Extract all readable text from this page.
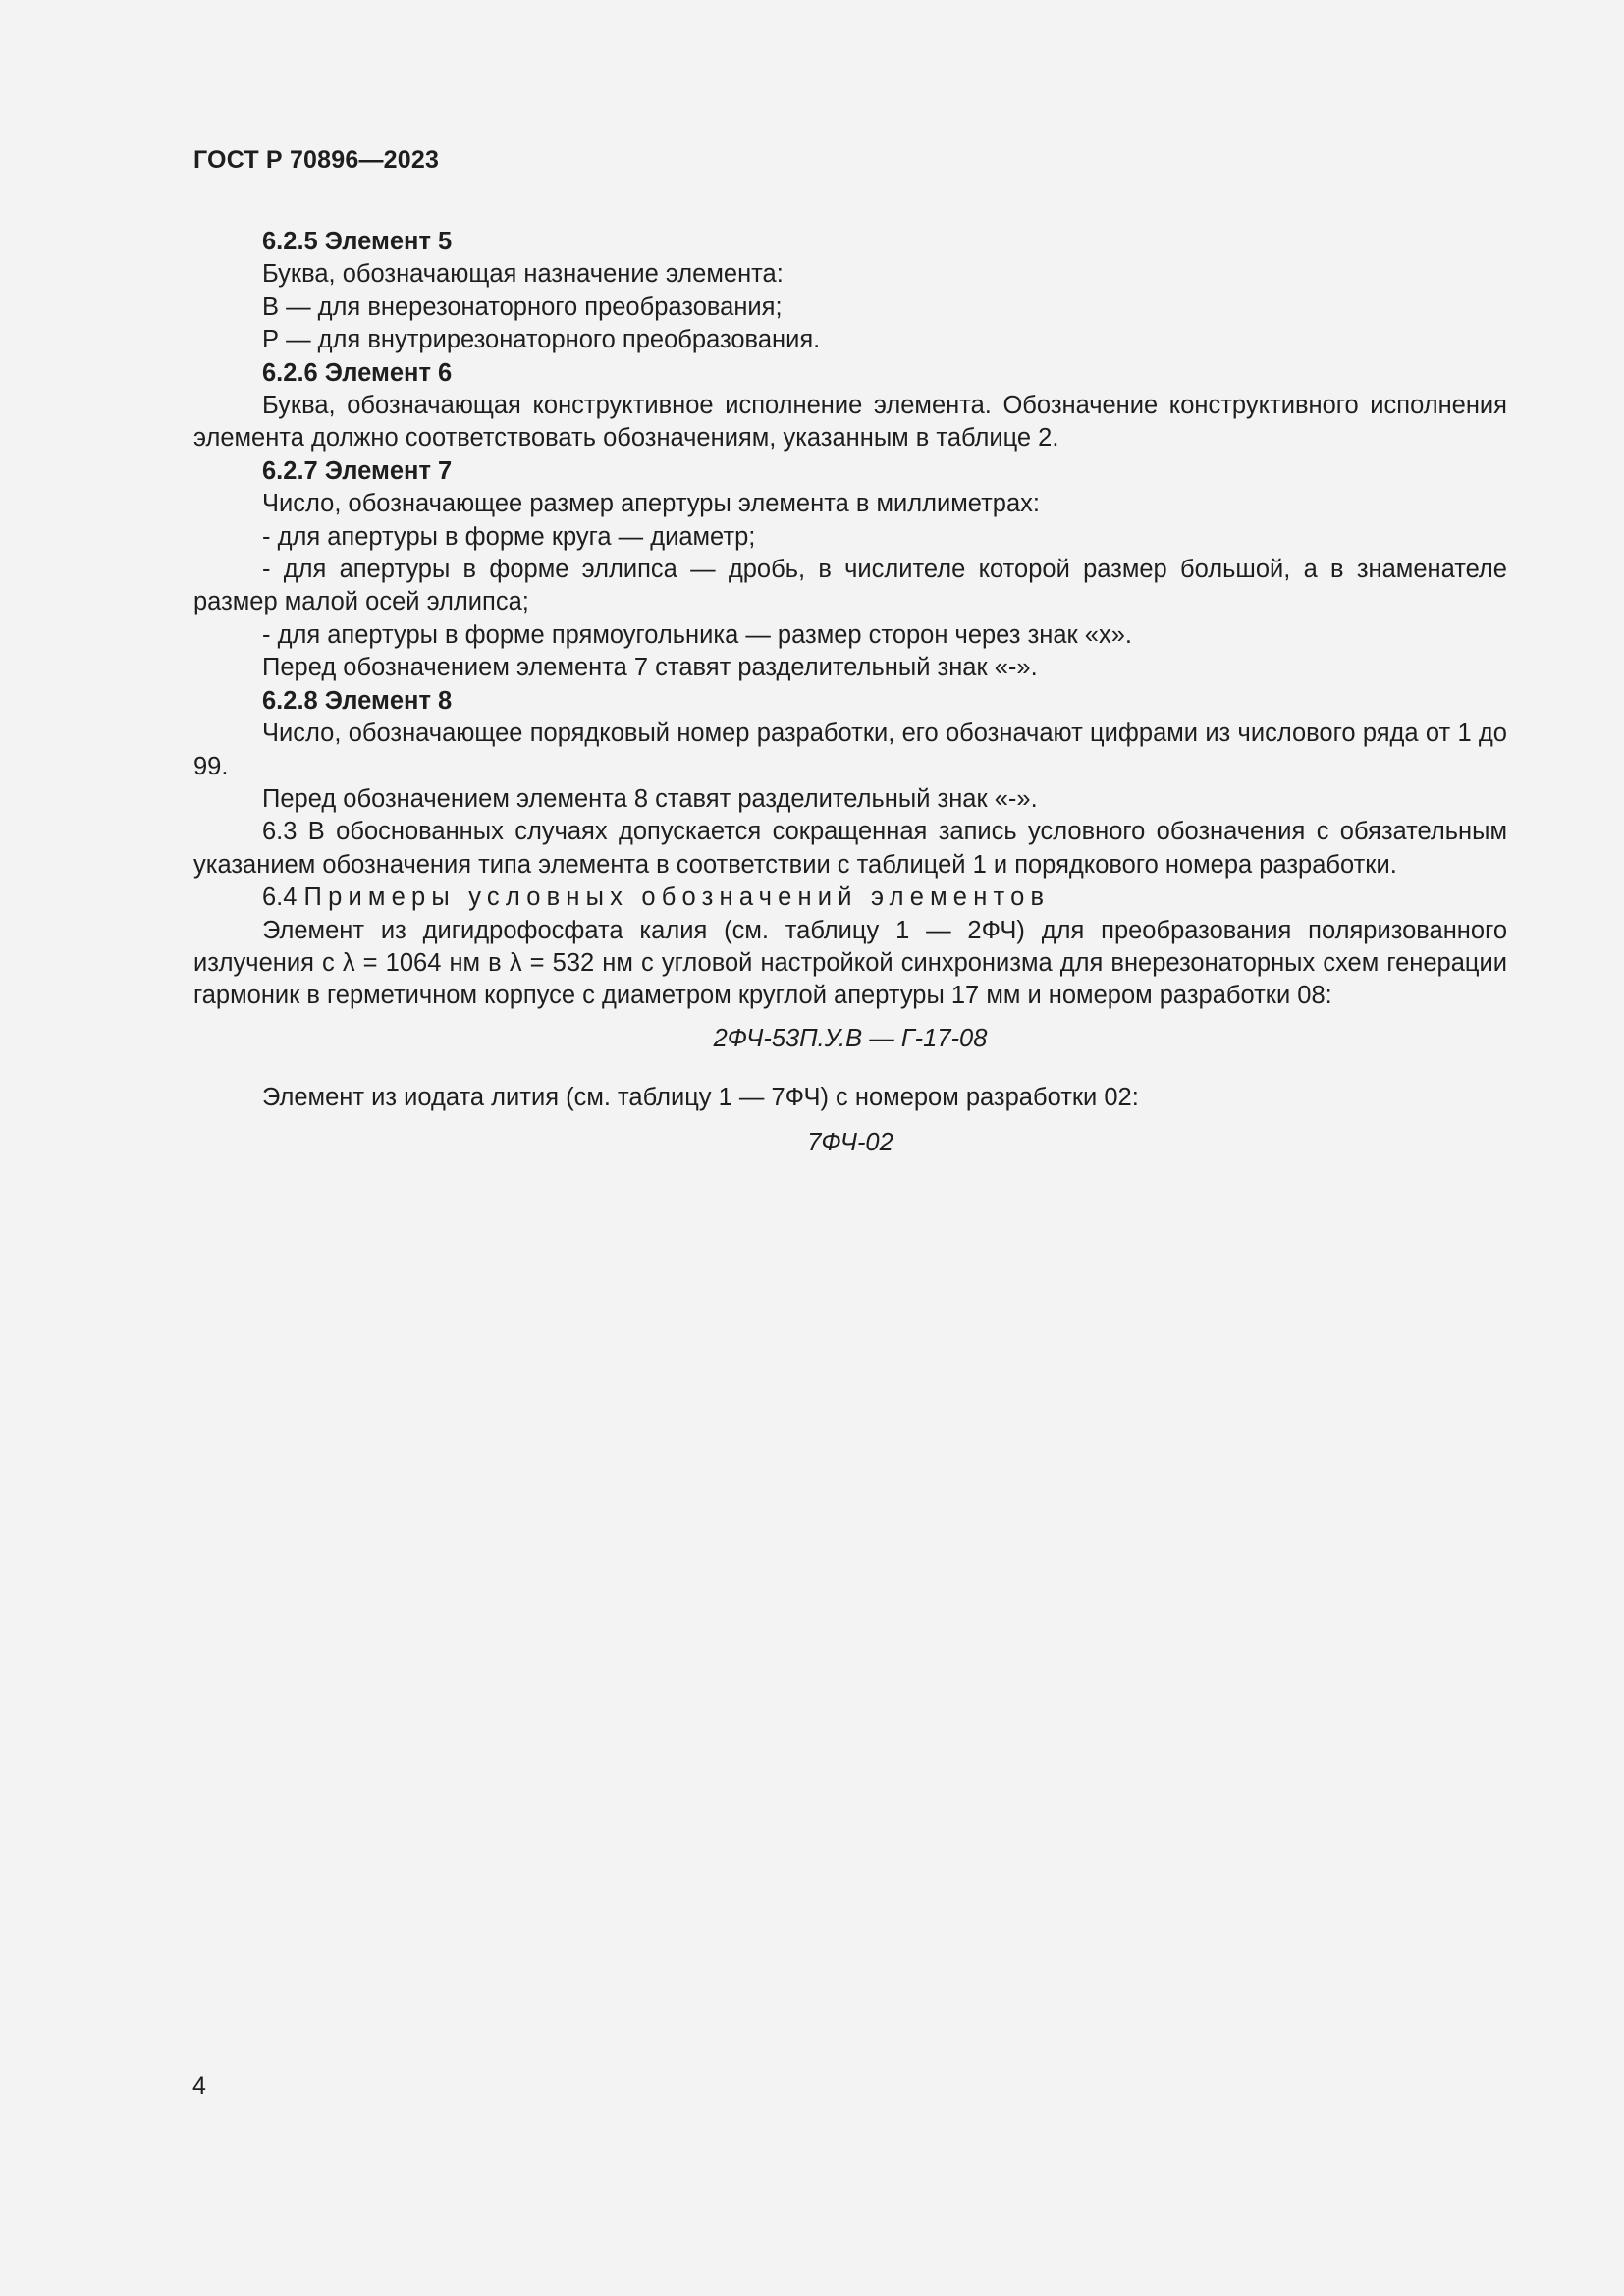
ГОСТ Р 70896—2023

6.2.5 Элемент 5

Буква, обозначающая назначение элемента:

В — для внерезонаторного преобразования;

Р — для внутрирезонаторного преобразования.

6.2.6 Элемент 6

Буква, обозначающая конструктивное исполнение элемента. Обозначение конструктивного исполнения элемента должно соответствовать обозначениям, указанным в таблице 2.

6.2.7 Элемент 7

Число, обозначающее размер апертуры элемента в миллиметрах:

- для апертуры в форме круга — диаметр;

- для апертуры в форме эллипса — дробь, в числителе которой размер большой, а в знаменателе размер малой осей эллипса;

- для апертуры в форме прямоугольника — размер сторон через знак «х».

Перед обозначением элемента 7 ставят разделительный знак «-».

6.2.8 Элемент 8

Число, обозначающее порядковый номер разработки, его обозначают цифрами из числового ряда от 1 до 99.

Перед обозначением элемента 8 ставят разделительный знак «-».

6.3 В обоснованных случаях допускается сокращенная запись условного обозначения с обязательным указанием обозначения типа элемента в соответствии с таблицей 1 и порядкового номера разработки.

6.4 Примеры условных обозначений элементов

Элемент из дигидрофосфата калия (см. таблицу 1 — 2ФЧ) для преобразования поляризованного излучения с λ = 1064 нм в λ = 532 нм с угловой настройкой синхронизма для внерезонаторных схем генерации гармоник в герметичном корпусе с диаметром круглой апертуры 17 мм и номером разработки 08:

2ФЧ-53П.У.В — Г-17-08

Элемент из иодата лития (см. таблицу 1 — 7ФЧ) с номером разработки 02:

7ФЧ-02

4
